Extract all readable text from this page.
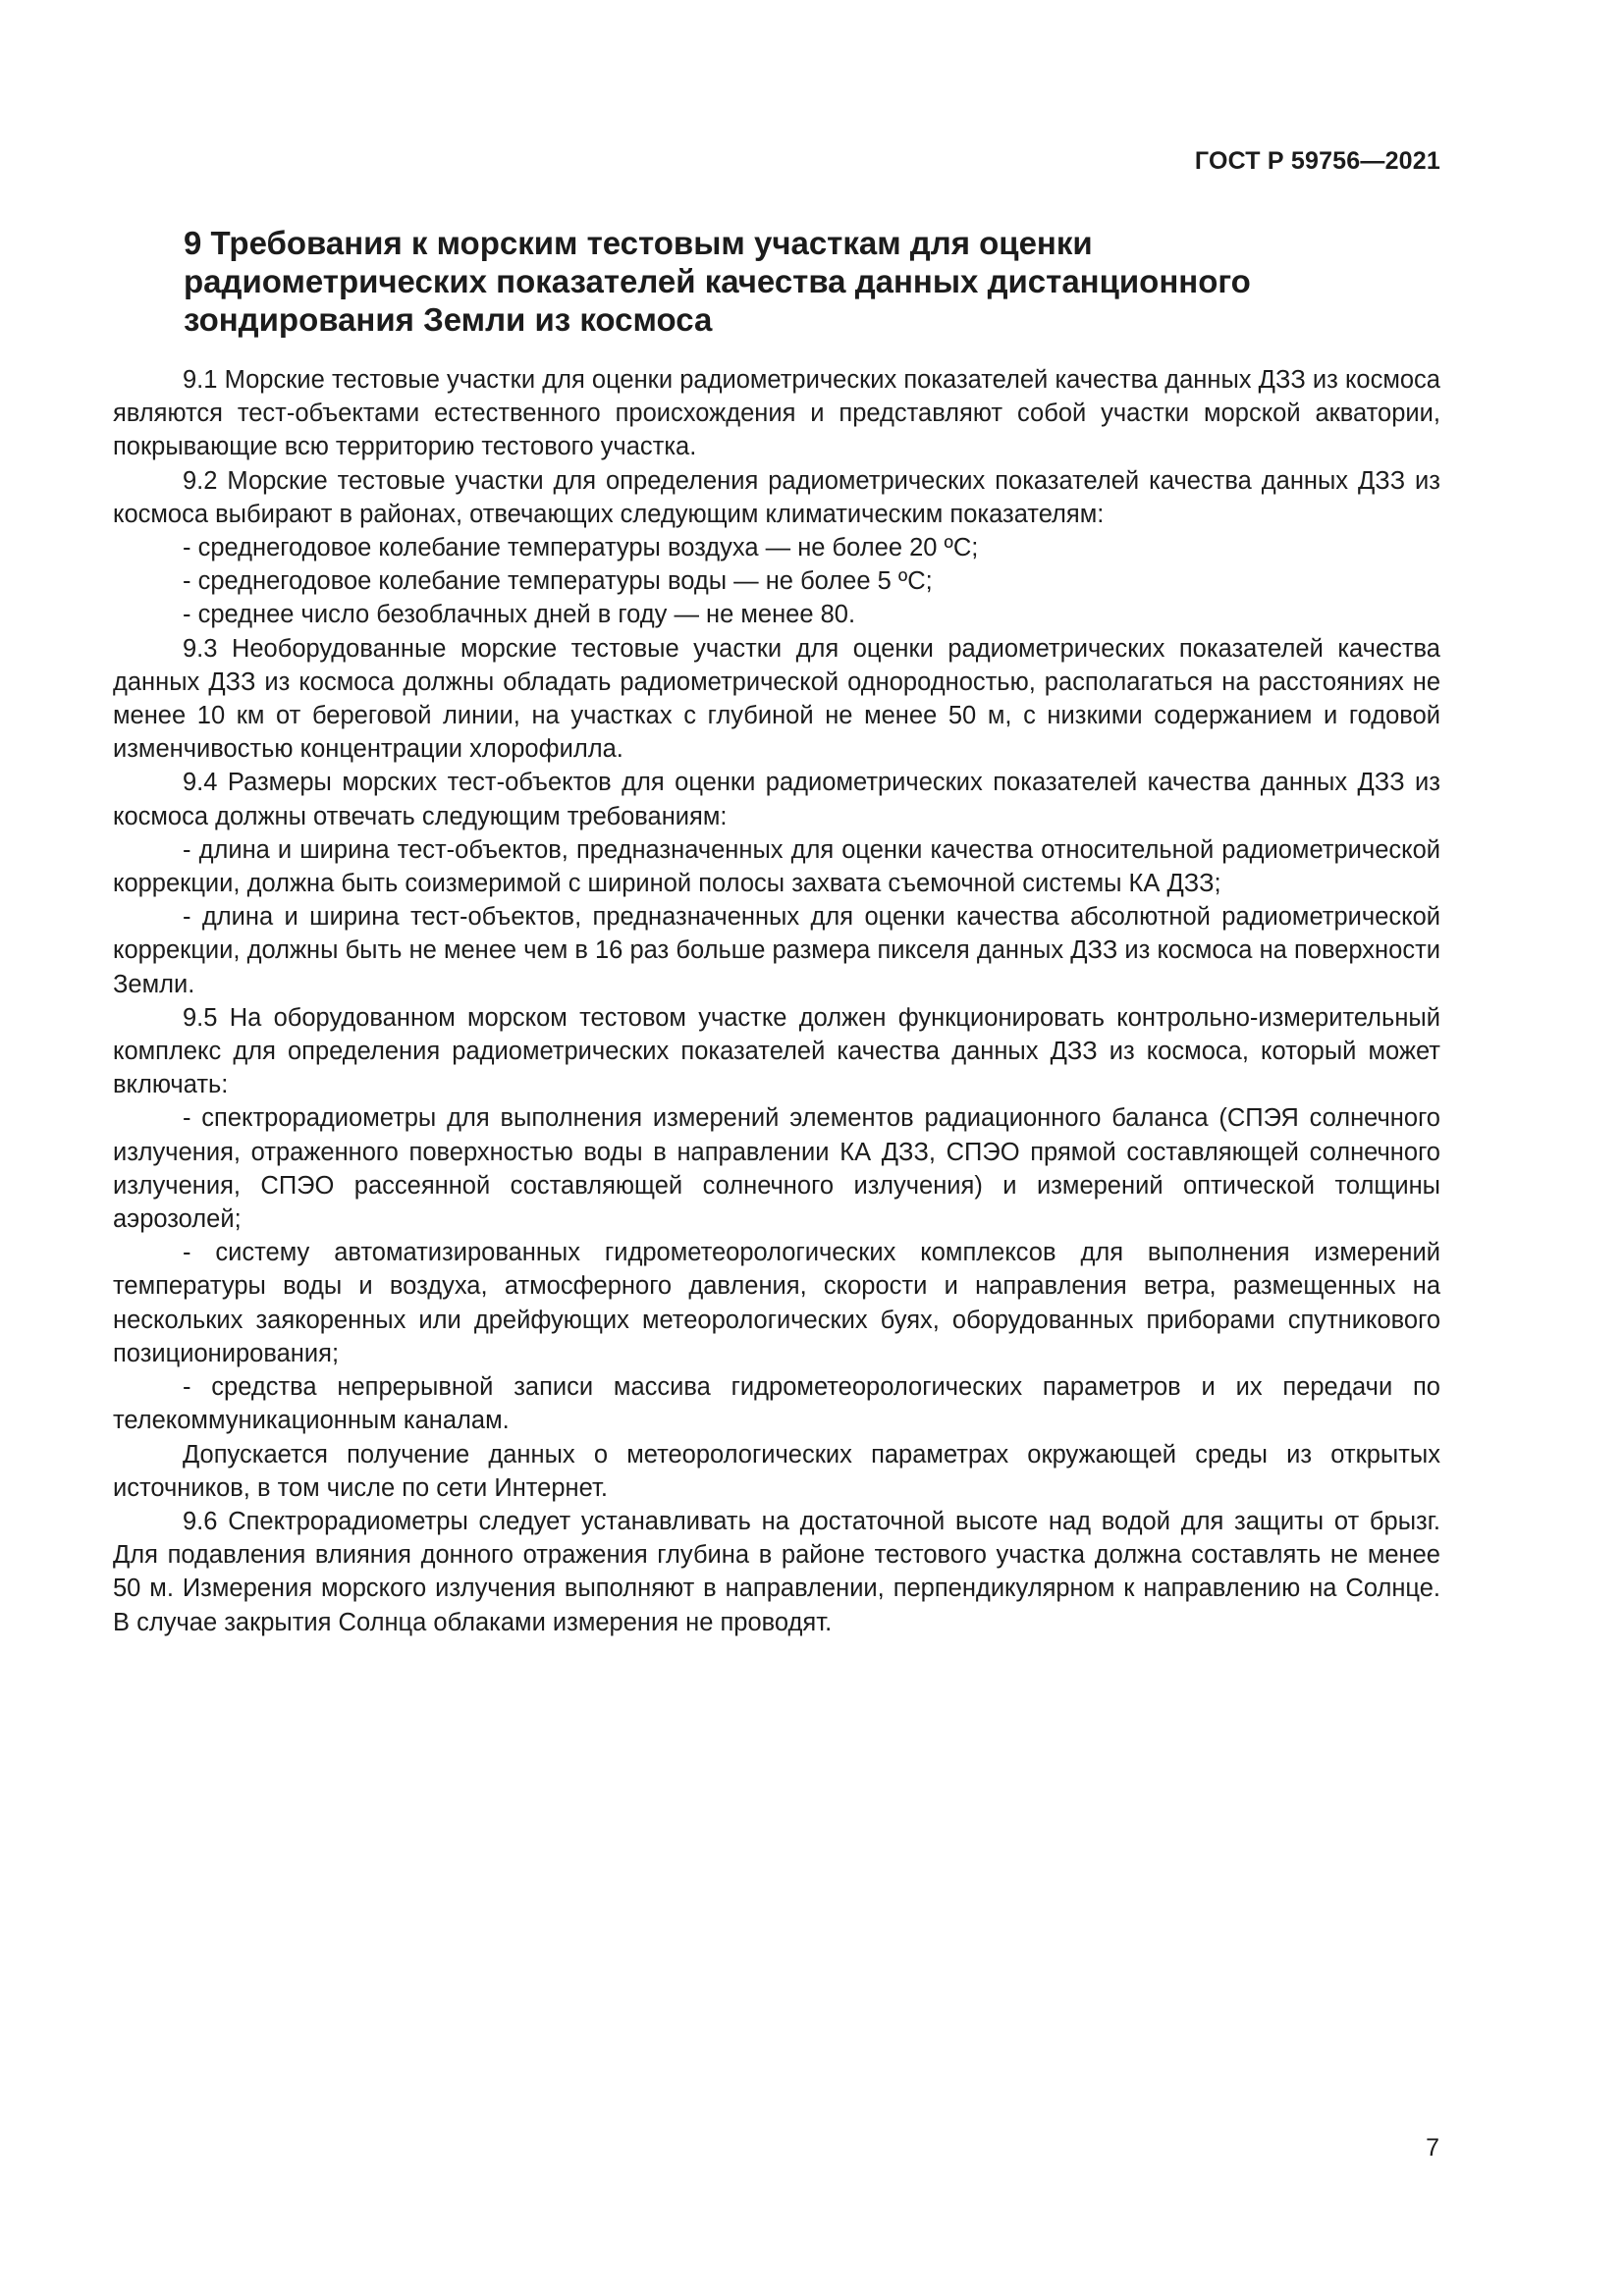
ГОСТ Р 59756—2021
9 Требования к морским тестовым участкам для оценки радиометрических показателей качества данных дистанционного зондирования Земли из космоса

9.1 Морские тестовые участки для оценки радиометрических показателей качества данных ДЗЗ из космоса являются тест-объектами естественного происхождения и представляют собой участки морской акватории, покрывающие всю территорию тестового участка.

9.2 Морские тестовые участки для определения радиометрических показателей качества данных ДЗЗ из космоса выбирают в районах, отвечающих следующим климатическим показателям:

- среднегодовое колебание температуры воздуха — не более 20 ºС;

- среднегодовое колебание температуры воды — не более 5 ºС;

- среднее число безоблачных дней в году — не менее 80.

9.3 Необорудованные морские тестовые участки для оценки радиометрических показателей качества данных ДЗЗ из космоса должны обладать радиометрической однородностью, располагаться на расстояниях не менее 10 км от береговой линии, на участках с глубиной не менее 50 м, с низкими содержанием и годовой изменчивостью концентрации хлорофилла.

9.4 Размеры морских тест-объектов для оценки радиометрических показателей качества данных ДЗЗ из космоса должны отвечать следующим требованиям:

- длина и ширина тест-объектов, предназначенных для оценки качества относительной радиометрической коррекции, должна быть соизмеримой с шириной полосы захвата съемочной системы КА ДЗЗ;

- длина и ширина тест-объектов, предназначенных для оценки качества абсолютной радиометрической коррекции, должны быть не менее чем в 16 раз больше размера пикселя данных ДЗЗ из космоса на поверхности Земли.

9.5 На оборудованном морском тестовом участке должен функционировать контрольно-измерительный комплекс для определения радиометрических показателей качества данных ДЗЗ из космоса, который может включать:

- спектрорадиометры для выполнения измерений элементов радиационного баланса (СПЭЯ солнечного излучения, отраженного поверхностью воды в направлении КА ДЗЗ, СПЭО прямой составляющей солнечного излучения, СПЭО рассеянной составляющей солнечного излучения) и измерений оптической толщины аэрозолей;

- систему автоматизированных гидрометеорологических комплексов для выполнения измерений температуры воды и воздуха, атмосферного давления, скорости и направления ветра, размещенных на нескольких заякоренных или дрейфующих метеорологических буях, оборудованных приборами спутникового позиционирования;

- средства непрерывной записи массива гидрометеорологических параметров и их передачи по телекоммуникационным каналам.

Допускается получение данных о метеорологических параметрах окружающей среды из открытых источников, в том числе по сети Интернет.

9.6 Спектрорадиометры следует устанавливать на достаточной высоте над водой для защиты от брызг. Для подавления влияния донного отражения глубина в районе тестового участка должна составлять не менее 50 м. Измерения морского излучения выполняют в направлении, перпендикулярном к направлению на Солнце. В случае закрытия Солнца облаками измерения не проводят.

7
